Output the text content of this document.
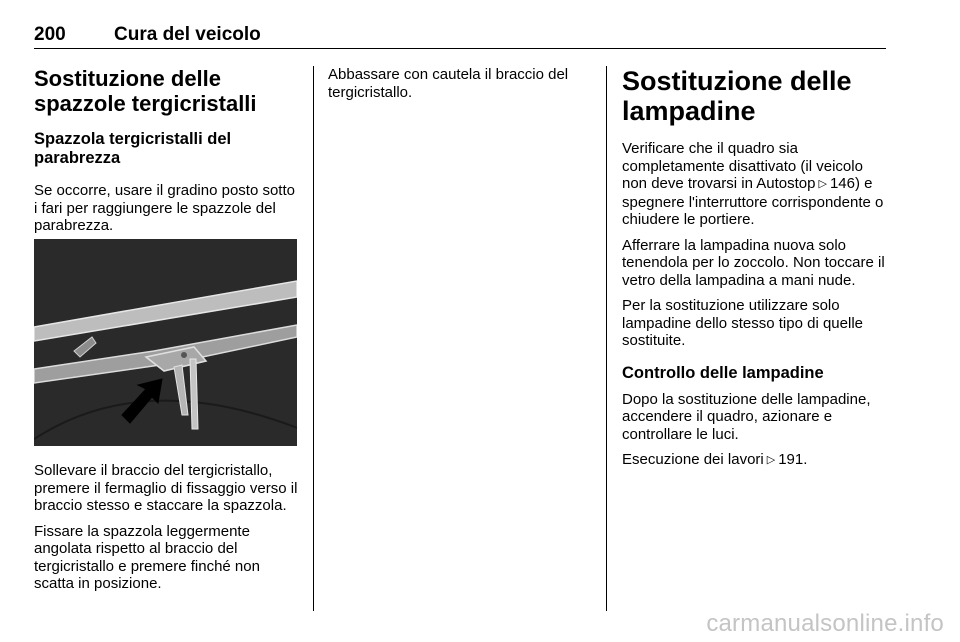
200	Cura del veicolo
Sostituzione delle spazzole tergicristalli
Spazzola tergicristalli del parabrezza

Se occorre, usare il gradino posto sotto i fari per raggiungere le spazzole del parabrezza.

Sollevare il braccio del tergicristallo, premere il fermaglio di fissaggio verso il braccio stesso e staccare la spazzola.

Fissare la spazzola leggermente angolata rispetto al braccio del tergicristallo e premere finché non scatta in posizione.

Abbassare con cautela il braccio del tergicristallo.	Sostituzione delle lampadine

Verificare che il quadro sia completamente disattivato (il veicolo non deve trovarsi in Autostop ▷ 146) e spegnere l'interruttore corrispondente o chiudere le portiere.

Afferrare la lampadina nuova solo tenendola per lo zoccolo. Non toccare il vetro della lampadina a mani nude.

Per la sostituzione utilizzare solo lampadine dello stesso tipo di quelle sostituite.

Controllo delle lampadine

Dopo la sostituzione delle lampadine, accendere il quadro, azionare e controllare le luci.

Esecuzione dei lavori ▷ 191.

carmanualsonline.info
